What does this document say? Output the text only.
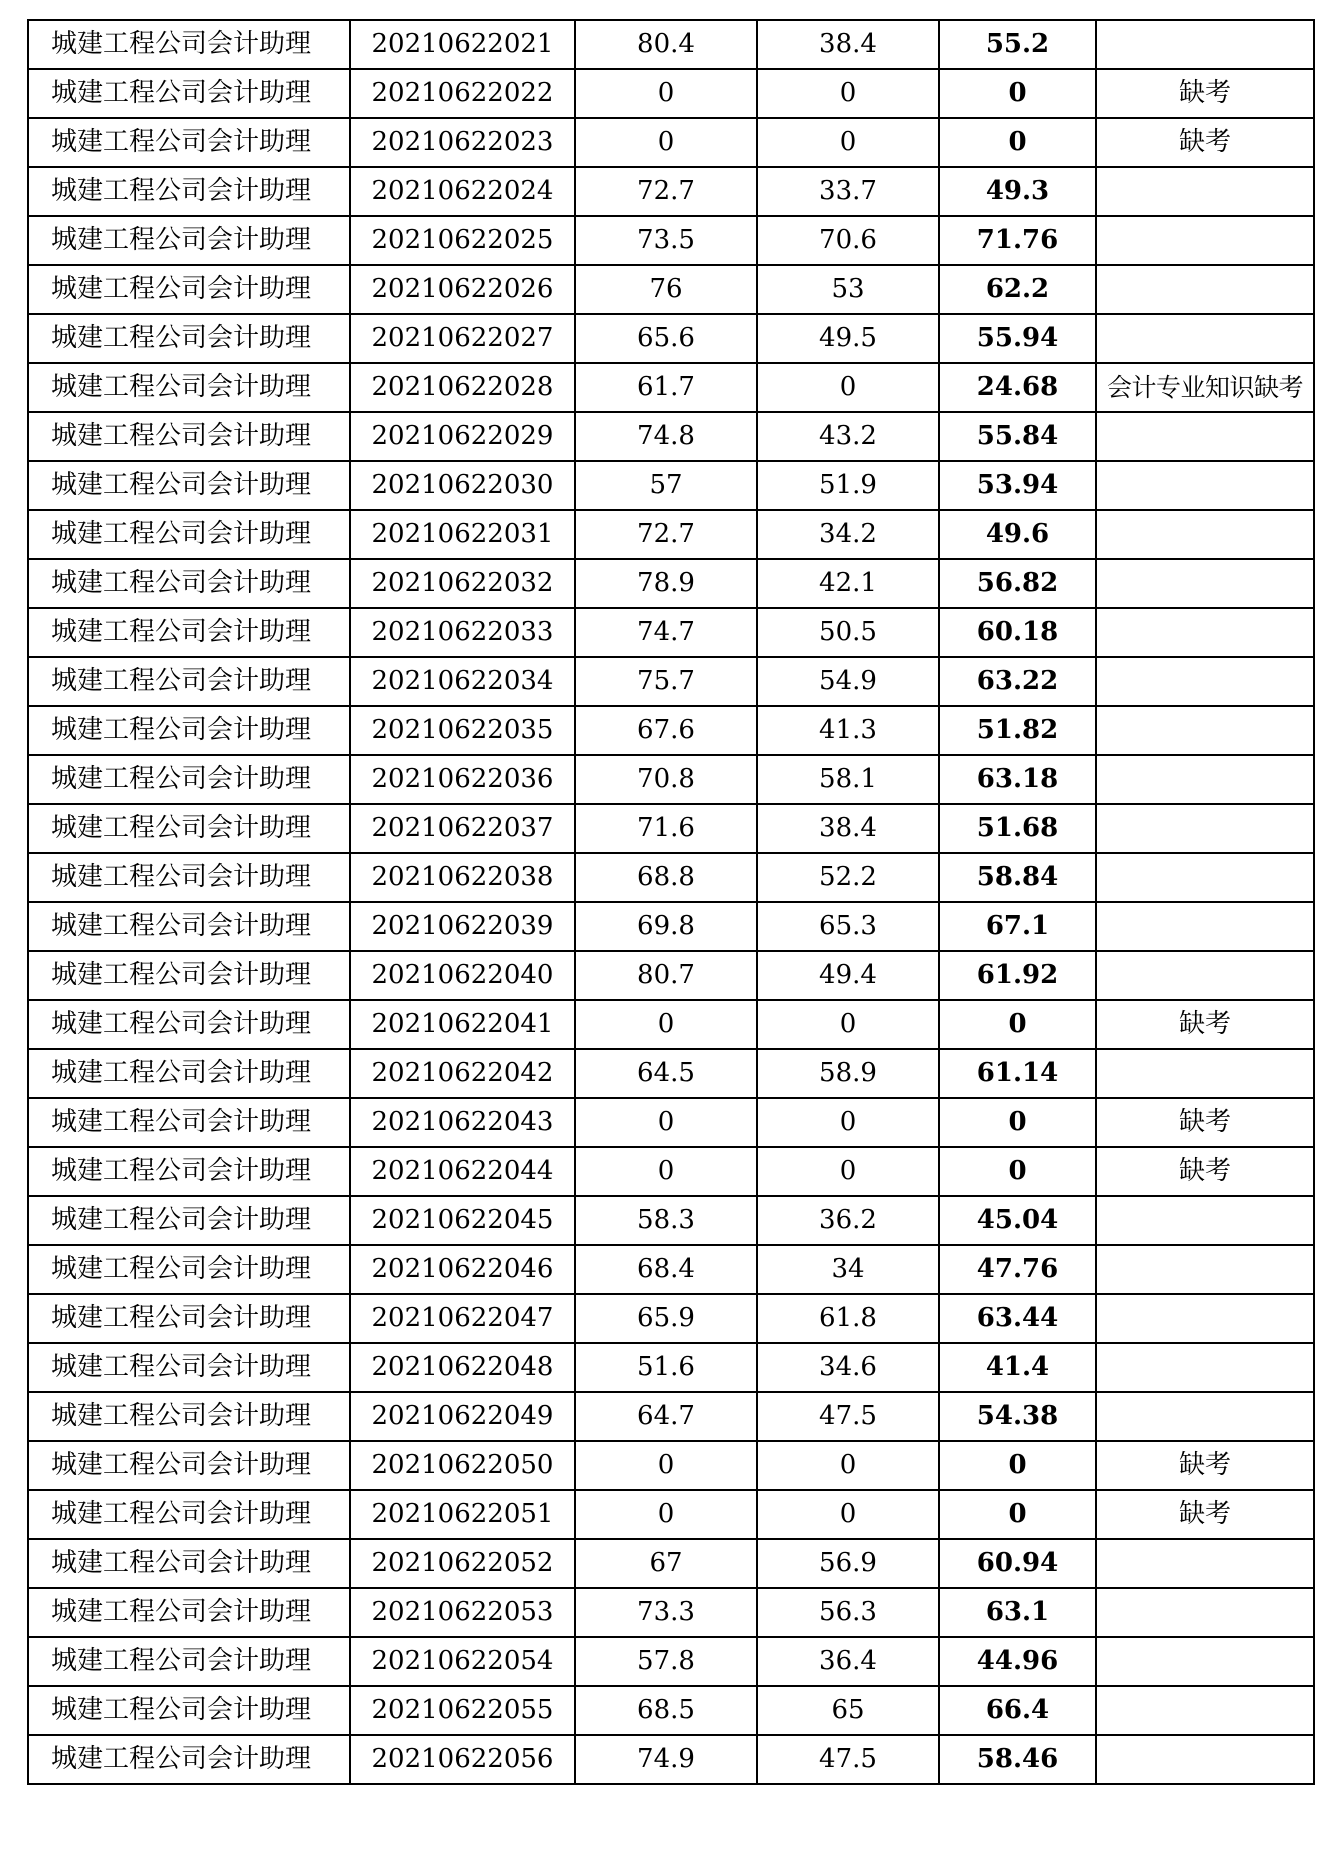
城建工程公司会计助理	20210622021	80.4	38.4	55.2	
城建工程公司会计助理	20210622022	0	0	0	缺考
城建工程公司会计助理	20210622023	0	0	0	缺考
城建工程公司会计助理	20210622024	72.7	33.7	49.3	
城建工程公司会计助理	20210622025	73.5	70.6	71.76	
城建工程公司会计助理	20210622026	76	53	62.2	
城建工程公司会计助理	20210622027	65.6	49.5	55.94	
城建工程公司会计助理	20210622028	61.7	0	24.68	会计专业知识缺考
城建工程公司会计助理	20210622029	74.8	43.2	55.84	
城建工程公司会计助理	20210622030	57	51.9	53.94	
城建工程公司会计助理	20210622031	72.7	34.2	49.6	
城建工程公司会计助理	20210622032	78.9	42.1	56.82	
城建工程公司会计助理	20210622033	74.7	50.5	60.18	
城建工程公司会计助理	20210622034	75.7	54.9	63.22	
城建工程公司会计助理	20210622035	67.6	41.3	51.82	
城建工程公司会计助理	20210622036	70.8	58.1	63.18	
城建工程公司会计助理	20210622037	71.6	38.4	51.68	
城建工程公司会计助理	20210622038	68.8	52.2	58.84	
城建工程公司会计助理	20210622039	69.8	65.3	67.1	
城建工程公司会计助理	20210622040	80.7	49.4	61.92	
城建工程公司会计助理	20210622041	0	0	0	缺考
城建工程公司会计助理	20210622042	64.5	58.9	61.14	
城建工程公司会计助理	20210622043	0	0	0	缺考
城建工程公司会计助理	20210622044	0	0	0	缺考
城建工程公司会计助理	20210622045	58.3	36.2	45.04	
城建工程公司会计助理	20210622046	68.4	34	47.76	
城建工程公司会计助理	20210622047	65.9	61.8	63.44	
城建工程公司会计助理	20210622048	51.6	34.6	41.4	
城建工程公司会计助理	20210622049	64.7	47.5	54.38	
城建工程公司会计助理	20210622050	0	0	0	缺考
城建工程公司会计助理	20210622051	0	0	0	缺考
城建工程公司会计助理	20210622052	67	56.9	60.94	
城建工程公司会计助理	20210622053	73.3	56.3	63.1	
城建工程公司会计助理	20210622054	57.8	36.4	44.96	
城建工程公司会计助理	20210622055	68.5	65	66.4	
城建工程公司会计助理	20210622056	74.9	47.5	58.46	
